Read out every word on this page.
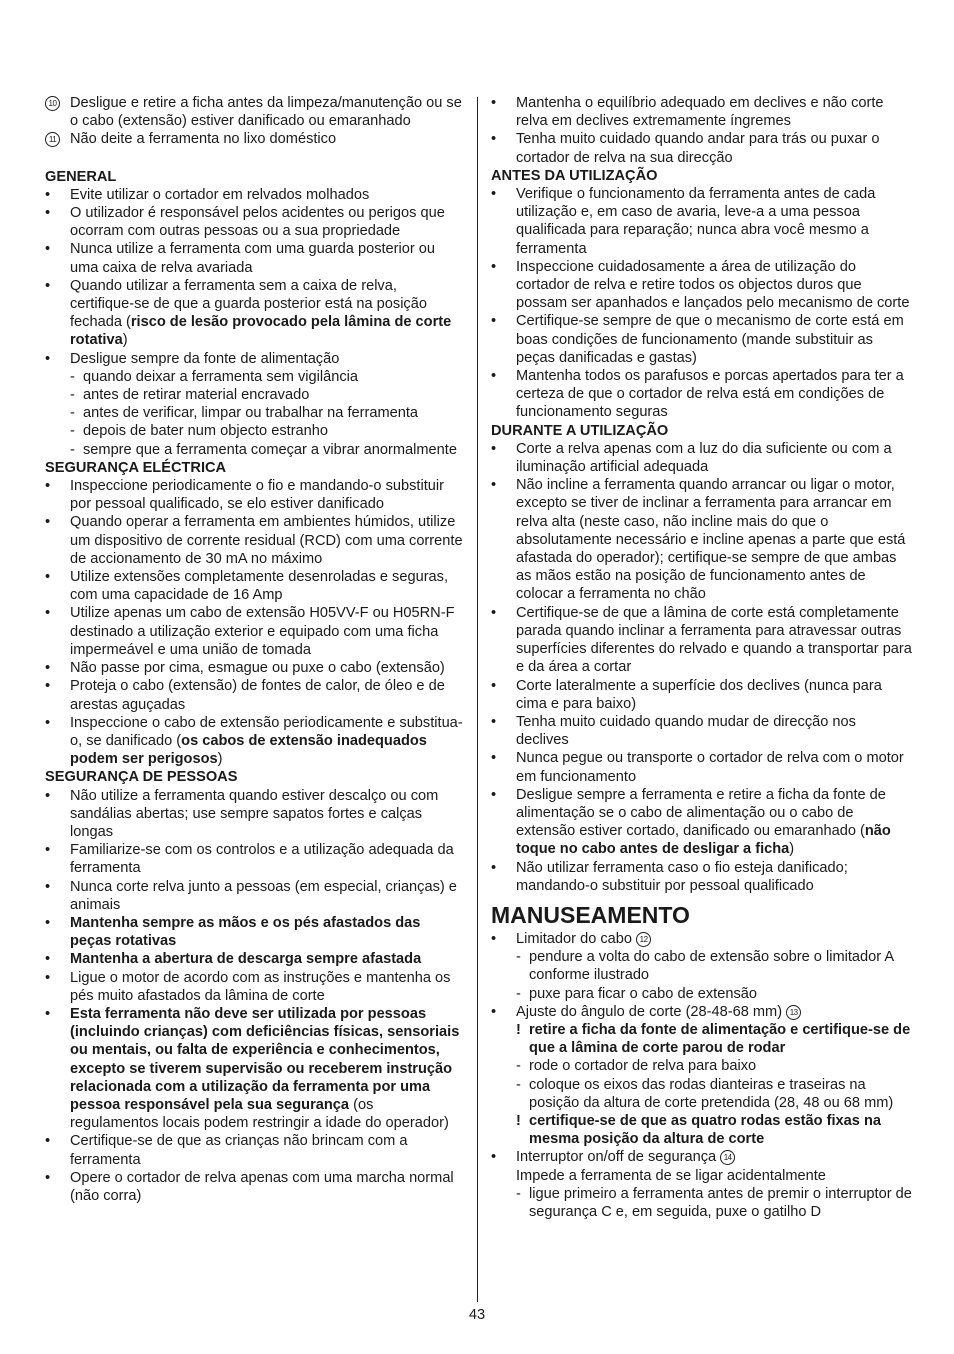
10 Desligue e retire a ficha antes da limpeza/manutenção ou se o cabo (extensão) estiver danificado ou emaranhado
11 Não deite a ferramenta no lixo doméstico
GENERAL
•	Evite utilizar o cortador em relvados molhados
•	O utilizador é responsável pelos acidentes ou perigos que ocorram com outras pessoas ou a sua propriedade
•	Nunca utilize a ferramenta com uma guarda posterior ou uma caixa de relva avariada
•	Quando utilizar a ferramenta sem a caixa de relva, certifique-se de que a guarda posterior está na posição fechada (risco de lesão provocado pela lâmina de corte rotativa)
•	Desligue sempre da fonte de alimentação
- quando deixar a ferramenta sem vigilância
- antes de retirar material encravado
- antes de verificar, limpar ou trabalhar na ferramenta
- depois de bater num objecto estranho
- sempre que a ferramenta começar a vibrar anormalmente
SEGURANÇA ELÉCTRICA
•	Inspeccione periodicamente o fio e mandando-o substituir por pessoal qualificado, se elo estiver danificado
•	Quando operar a ferramenta em ambientes húmidos, utilize um dispositivo de corrente residual (RCD) com uma corrente de accionamento de 30 mA no máximo
•	Utilize extensões completamente desenroladas e seguras, com uma capacidade de 16 Amp
•	Utilize apenas um cabo de extensão H05VV-F ou H05RN-F destinado a utilização exterior e equipado com uma ficha impermeável e uma união de tomada
•	Não passe por cima, esmague ou puxe o cabo (extensão)
•	Proteja o cabo (extensão) de fontes de calor, de óleo e de arestas aguçadas
•	Inspeccione o cabo de extensão periodicamente e substitua-o, se danificado (os cabos de extensão inadequados podem ser perigosos)
SEGURANÇA DE PESSOAS
•	Não utilize a ferramenta quando estiver descalço ou com sandálias abertas; use sempre sapatos fortes e calças longas
•	Familiarize-se com os controlos e a utilização adequada da ferramenta
•	Nunca corte relva junto a pessoas (em especial, crianças) e animais
•	Mantenha sempre as mãos e os pés afastados das peças rotativas
•	Mantenha a abertura de descarga sempre afastada
•	Ligue o motor de acordo com as instruções e mantenha os pés muito afastados da lâmina de corte
•	Esta ferramenta não deve ser utilizada por pessoas (incluindo crianças) com deficiências físicas, sensoriais ou mentais, ou falta de experiência e conhecimentos, excepto se tiverem supervisão ou receberem instrução relacionada com a utilização da ferramenta por uma pessoa responsável pela sua segurança (os regulamentos locais podem restringir a idade do operador)
•	Certifique-se de que as crianças não brincam com a ferramenta
•	Opere o cortador de relva apenas com uma marcha normal (não corra)
•	Mantenha o equilíbrio adequado em declives e não corte relva em declives extremamente íngremes
•	Tenha muito cuidado quando andar para trás ou puxar o cortador de relva na sua direcção
ANTES DA UTILIZAÇÃO
•	Verifique o funcionamento da ferramenta antes de cada utilização e, em caso de avaria, leve-a a uma pessoa qualificada para reparação; nunca abra você mesmo a ferramenta
•	Inspeccione cuidadosamente a área de utilização do cortador de relva e retire todos os objectos duros que possam ser apanhados e lançados pelo mecanismo de corte
•	Certifique-se sempre de que o mecanismo de corte está em boas condições de funcionamento (mande substituir as peças danificadas e gastas)
•	Mantenha todos os parafusos e porcas apertados para ter a certeza de que o cortador de relva está em condições de funcionamento seguras
DURANTE A UTILIZAÇÃO
•	Corte a relva apenas com a luz do dia suficiente ou com a iluminação artificial adequada
•	Não incline a ferramenta quando arrancar ou ligar o motor, excepto se tiver de inclinar a ferramenta para arrancar em relva alta (neste caso, não incline mais do que o absolutamente necessário e incline apenas a parte que está afastada do operador); certifique-se sempre de que ambas as mãos estão na posição de funcionamento antes de colocar a ferramenta no chão
•	Certifique-se de que a lâmina de corte está completamente parada quando inclinar a ferramenta para atravessar outras superfícies diferentes do relvado e quando a transportar para e da área a cortar
•	Corte lateralmente a superfície dos declives (nunca para cima e para baixo)
•	Tenha muito cuidado quando mudar de direcção nos declives
•	Nunca pegue ou transporte o cortador de relva com o motor em funcionamento
•	Desligue sempre a ferramenta e retire a ficha da fonte de alimentação se o cabo de alimentação ou o cabo de extensão estiver cortado, danificado ou emaranhado (não toque no cabo antes de desligar a ficha)
•	Não utilizar ferramenta caso o fio esteja danificado; mandando-o substituir por pessoal qualificado
MANUSEAMENTO
•	Limitador do cabo 12
- pendure a volta do cabo de extensão sobre o limitador A conforme ilustrado
- puxe para ficar o cabo de extensão
•	Ajuste do ângulo de corte (28-48-68 mm) 13
! retire a ficha da fonte de alimentação e certifique-se de que a lâmina de corte parou de rodar
- rode o cortador de relva para baixo
- coloque os eixos das rodas dianteiras e traseiras na posição da altura de corte pretendida (28, 48 ou 68 mm)
! certifique-se de que as quatro rodas estão fixas na mesma posição da altura de corte
•	Interruptor on/off de segurança 14
Impede a ferramenta de se ligar acidentalmente
- ligue primeiro a ferramenta antes de premir o interruptor de segurança C e, em seguida, puxe o gatilho D
43
